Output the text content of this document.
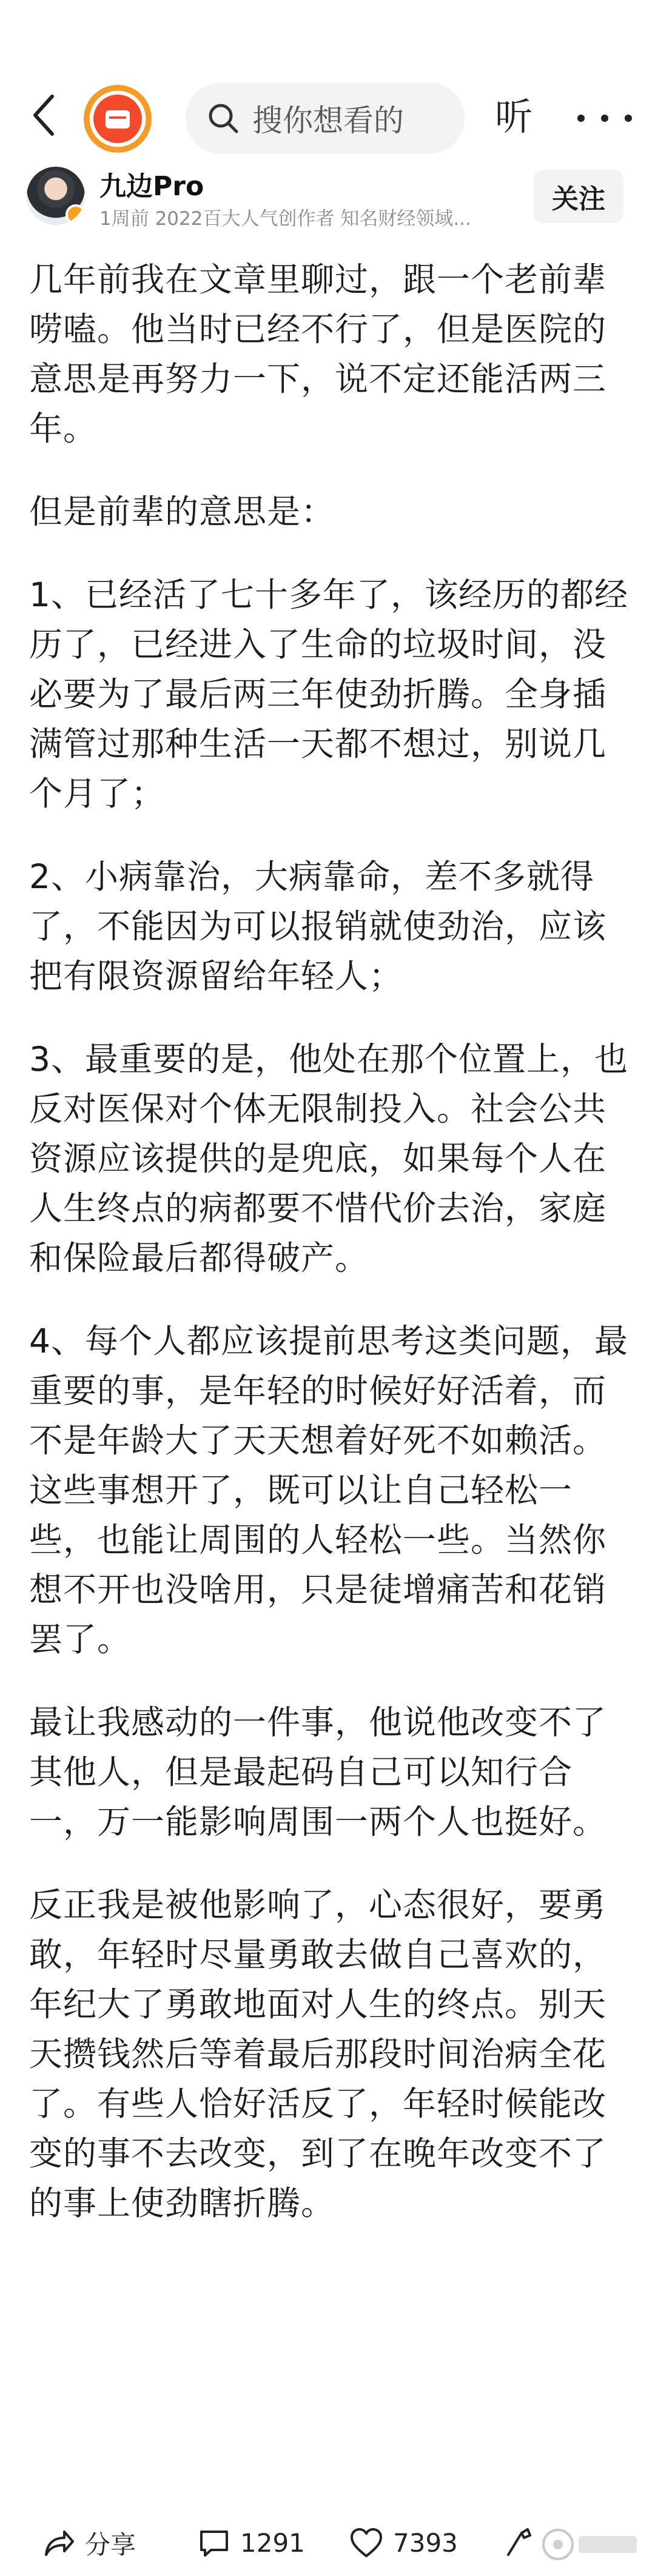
搜你想看的 听
九边Pro
1周前 2022百大人气创作者 知名财经领域...
关注

几年前我在文章里聊过，跟一个老前辈唠嗑。他当时已经不行了，但是医院的意思是再努力一下，说不定还能活两三年。

但是前辈的意思是：

1、已经活了七十多年了，该经历的都经历了，已经进入了生命的垃圾时间，没必要为了最后两三年使劲折腾。全身插满管过那种生活一天都不想过，别说几个月了；

2、小病靠治，大病靠命，差不多就得了，不能因为可以报销就使劲治，应该把有限资源留给年轻人；

3、最重要的是，他处在那个位置上，也反对医保对个体无限制投入。社会公共资源应该提供的是兜底，如果每个人在人生终点的病都要不惜代价去治，家庭和保险最后都得破产。

4、每个人都应该提前思考这类问题，最重要的事，是年轻的时候好好活着，而不是年龄大了天天想着好死不如赖活。这些事想开了，既可以让自己轻松一些，也能让周围的人轻松一些。当然你想不开也没啥用，只是徒增痛苦和花销罢了。

最让我感动的一件事，他说他改变不了其他人，但是最起码自己可以知行合一，万一能影响周围一两个人也挺好。

反正我是被他影响了，心态很好，要勇敢，年轻时尽量勇敢去做自己喜欢的，年纪大了勇敢地面对人生的终点。别天天攒钱然后等着最后那段时间治病全花了。有些人恰好活反了，年轻时候能改变的事不去改变，到了在晚年改变不了的事上使劲瞎折腾。

分享	1291	7393
